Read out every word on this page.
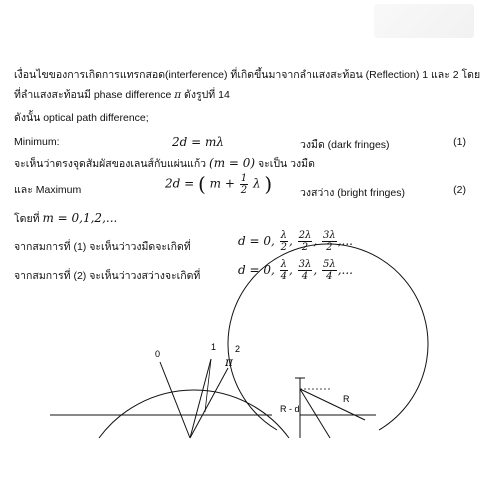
เงื่อนไขของการเกิดการแทรกสอด(interference) ที่เกิดขึ้นมาจากลำแสงสะท้อน (Reflection) 1 และ 2 โดย
ที่ลำแสงสะท้อนมี phase difference π ดังรูปที่ 14
ดังนั้น optical path difference;
Minimum:	2d = mλ	วงมืด (dark fringes)	(1)
จะเห็นว่าตรงจุดสัมผัสของเลนส์กับแผ่นแก้ว (m = 0) จะเป็น วงมืด
และ Maximum	2d = ( $m + \frac{1}{2}$ λ )	วงสว่าง (bright fringes)	(2)
โดยที่ m = 0,1,2,...
จากสมการที่ (1) จะเห็นว่าวงมืดจะเกิดที่	d = 0, $\frac{\lambda}{2}$ , $\frac{2\lambda}{2}$ , $\frac{3\lambda}{2}$ ,...
จากสมการที่ (2) จะเห็นว่าวงสว่างจะเกิดที่	d = 0, $\frac{\lambda}{4}$ , $\frac{3\lambda}{4}$ , $\frac{5\lambda}{4}$ ,...
0
1 2
π
R - d
R
